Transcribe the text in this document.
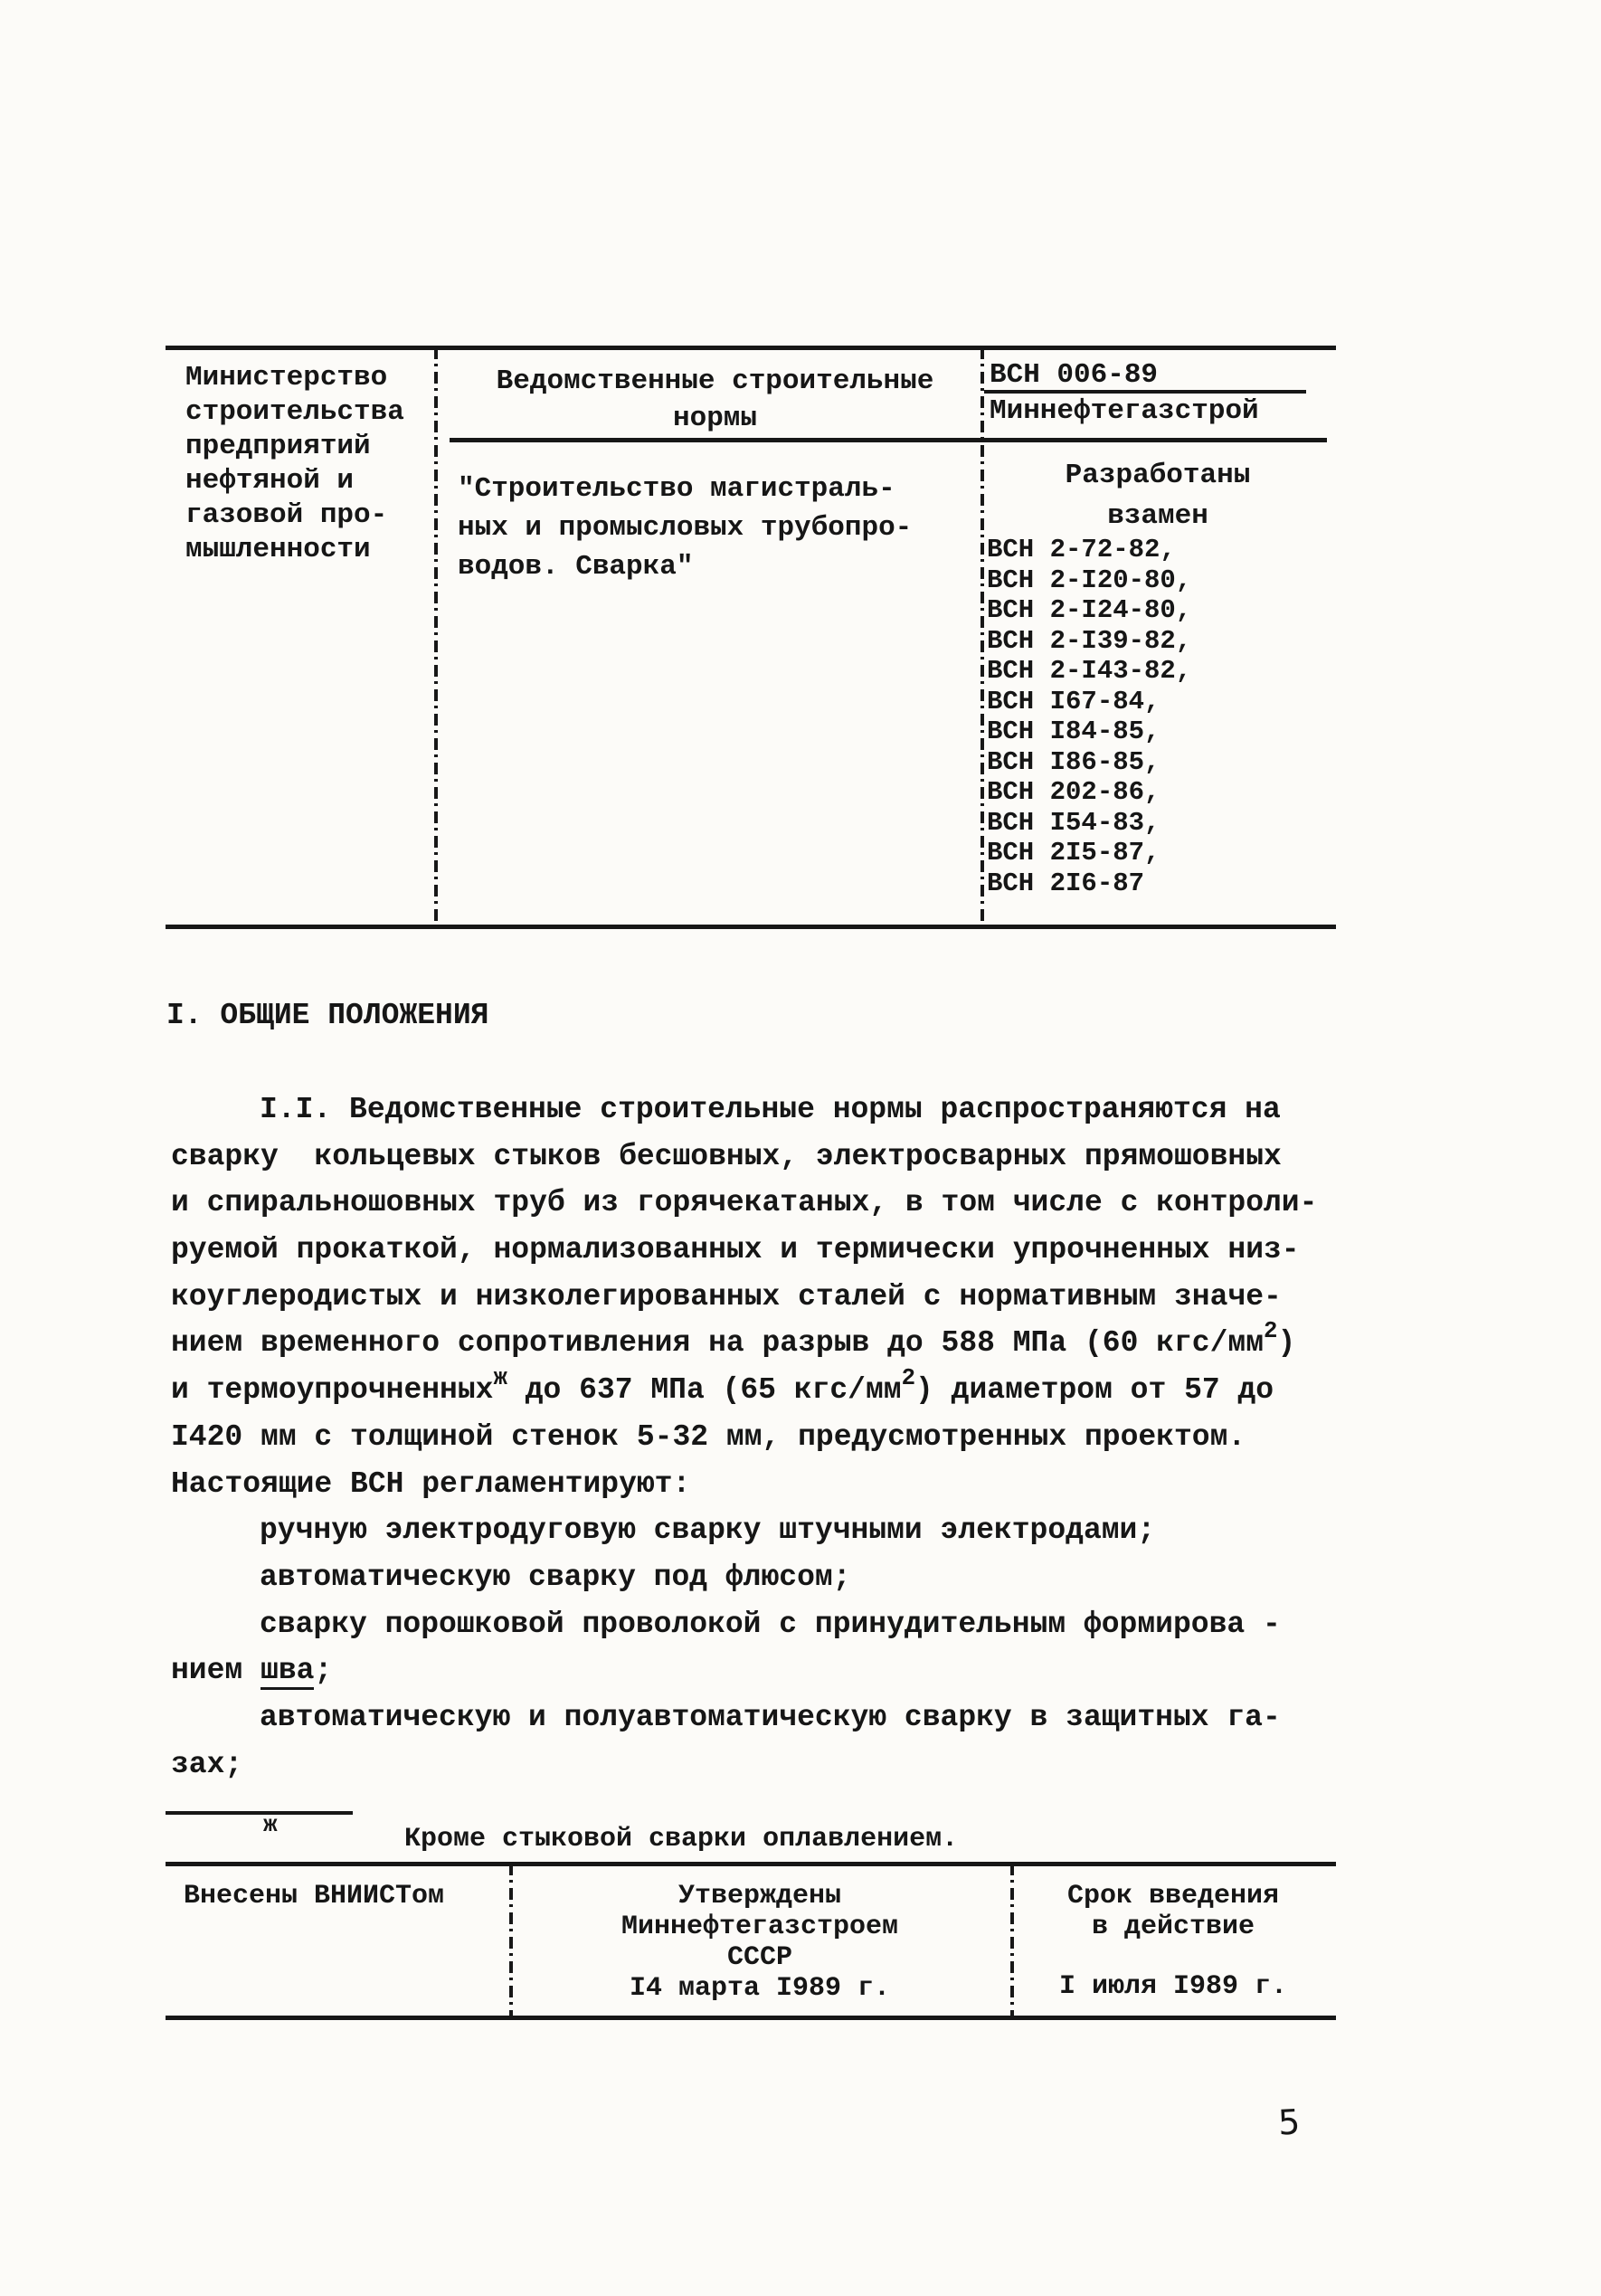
Министерство
строительства
предприятий
нефтяной и
газовой про-
мышленности
Ведомственные строительные
нормы
"Строительство магистраль-
ных и промысловых трубопро-
водов. Сварка"
ВСН 006-89
Миннефтегазстрой
Разработаны
взамен
ВСН 2-72-82,
ВСН 2-I20-80,
ВСН 2-I24-80,
ВСН 2-I39-82,
ВСН 2-I43-82,
ВСН I67-84,
ВСН I84-85,
ВСН I86-85,
ВСН 202-86,
ВСН I54-83,
ВСН 2I5-87,
ВСН 2I6-87
I. ОБЩИЕ ПОЛОЖЕНИЯ
I.I. Ведомственные строительные нормы распространяются на
сварку  кольцевых стыков бесшовных, электросварных прямошовных
и спиральношовных труб из горячекатаных, в том числе с контроли-
руемой прокаткой, нормализованных и термически упрочненных низ-
коуглеродистых и низколегированных сталей с нормативным значе-
нием временного сопротивления на разрыв до 588 МПа (60 кгс/$мм^2$)
и термоупрочненных$^ж$ до 637 МПа (65 кгс/$мм^2$) диаметром от 57 до
I420 мм с толщиной стенок 5-32 мм, предусмотренных проектом.
Настоящие ВСН регламентируют:
ручную электродуговую сварку штучными электродами;
автоматическую сварку под флюсом;
сварку порошковой проволокой с принудительным формирова -
нием шва;
автоматическую и полуавтоматическую сварку в защитных га-
зах;
ж	Кроме стыковой сварки оплавлением.
Внесены ВНИИСТом	Утверждены
Миннефтегазстроем
СССР
I4 марта I989 г.
Срок введения
в действие
I июля I989 г.
5
